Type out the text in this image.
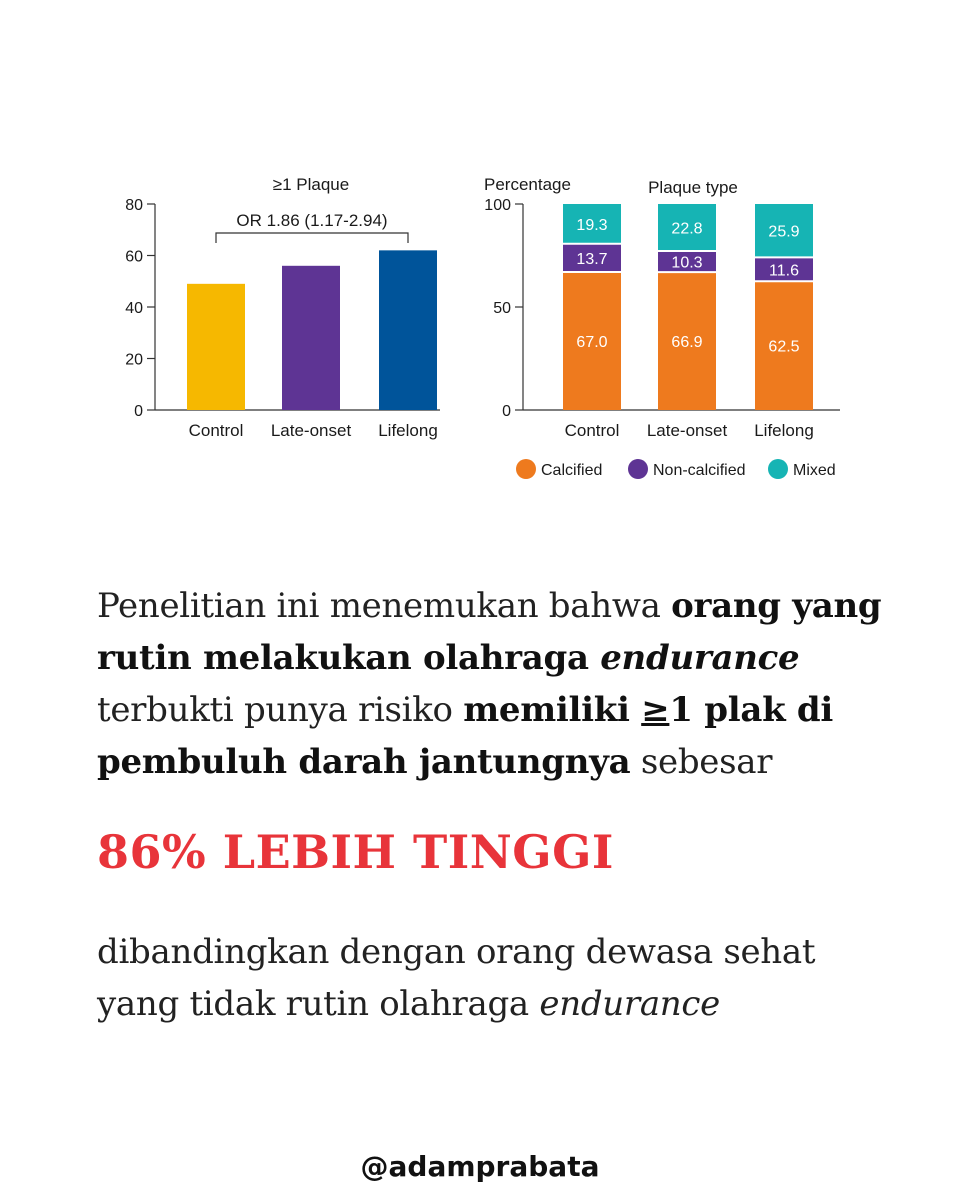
0
20
40
60
80
Control Late-onset Lifelong
≥1 Plaque
OR 1.86 (1.17-2.94)
0
50
100
Percentage	Plaque type
67.0
13.7
19.3
Control
66.9
10.3
22.8
Late-onset
62.5
11.6
25.9
Lifelong
Calcified	Non-calcified	Mixed
Penelitian ini menemukan bahwa orang yang rutin melakukan olahraga endurance terbukti punya risiko memiliki ≥1 plak di pembuluh darah jantungnya sebesar
86% LEBIH TINGGI
dibandingkan dengan orang dewasa sehat yang tidak rutin olahraga endurance
@adamprabata
